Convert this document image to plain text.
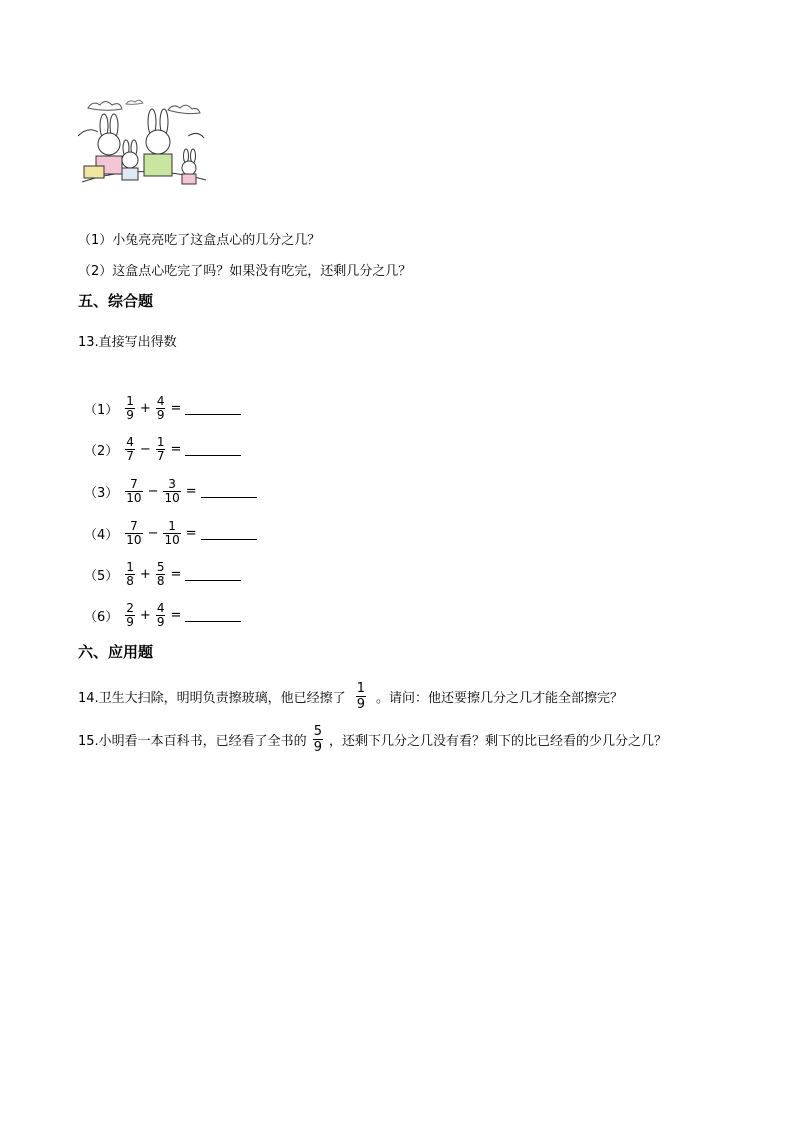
（1）小兔亮亮吃了这盒点心的几分之几？
（2）这盒点心吃完了吗？如果没有吃完，还剩几分之几？
五、综合题
13.直接写出得数
$(1) \frac{1}{9} + \frac{4}{9}$ =
$(2) \frac{4}{7} - \frac{1}{7}$ =
$(3) \frac{7}{10} - \frac{3}{10}$ =
$(4) \frac{7}{10} - \frac{1}{10}$ =
$(5) \frac{1}{8} + \frac{5}{8}$ =
$(6) \frac{2}{9} + \frac{4}{9}$ =
六、应用题
14.卫生大扫除，明明负责擦玻璃，他已经擦了 $\frac{1}{9}$ 。请问：他还要擦几分之几才能全部擦完？
15.小明看一本百科书，已经看了全书的 $\frac{5}{9}$ ，还剩下几分之几没有看？剩下的比已经看的少几分之几？
